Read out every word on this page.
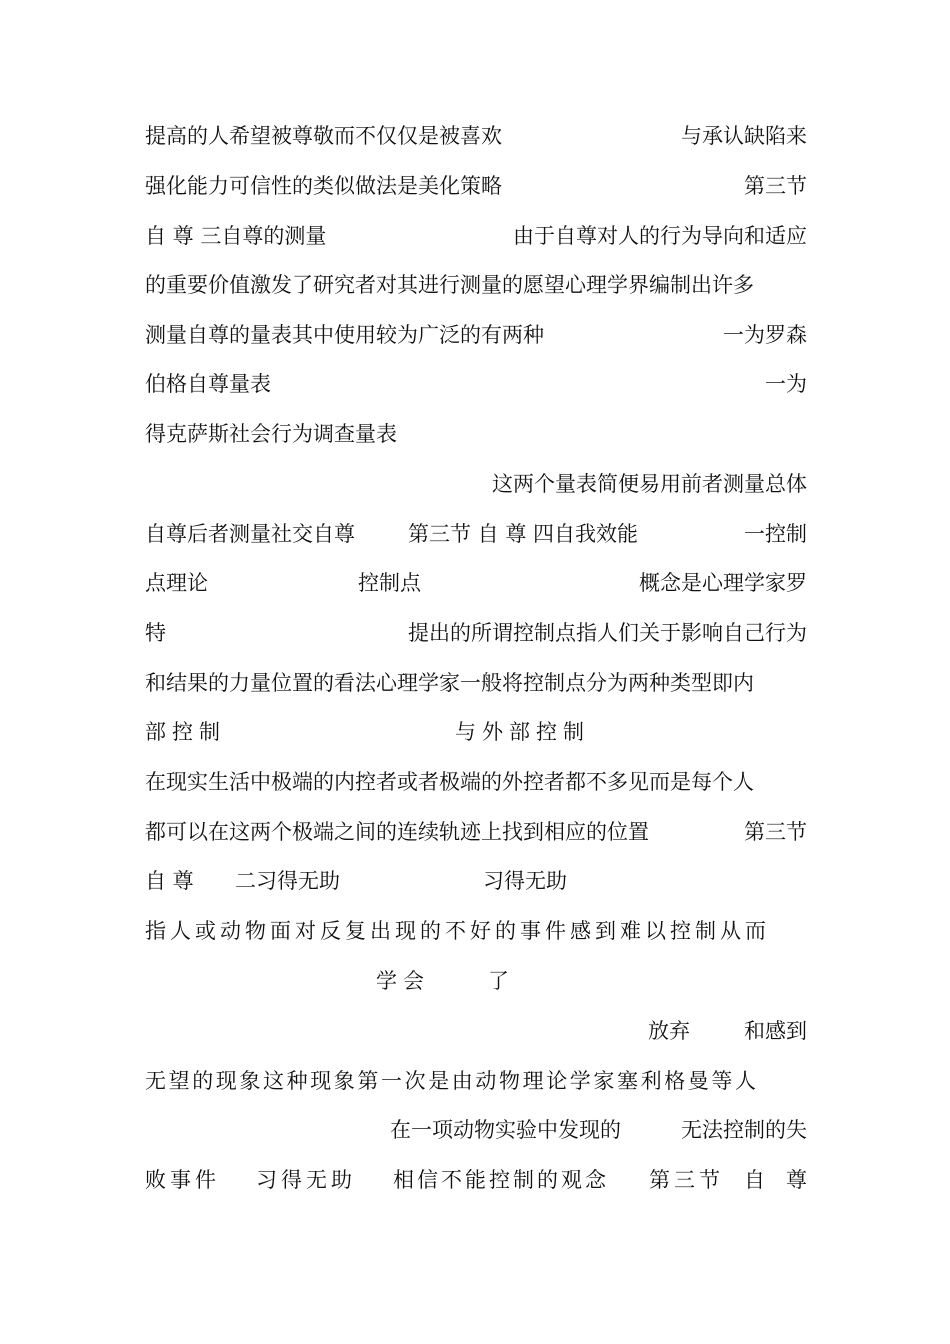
提高的人希望被尊敬而不仅仅是被喜欢	与承认缺陷来
强化能力可信性的类似做法是美化策略	第三节
自 尊 三自尊的测量	由于自尊对人的行为导向和适应
的重要价值激发了研究者对其进行测量的愿望心理学界编制出许多
测量自尊的量表其中使用较为广泛的有两种	一为罗森
伯格自尊量表	一为
得克萨斯社会行为调查量表
这两个量表简便易用前者测量总体
自尊后者测量社交自尊	第三节 自 尊 四自我效能	一控制
点理论	控制点	概念是心理学家罗
特	提出的所谓控制点指人们关于影响自己行为
和结果的力量位置的看法心理学家一般将控制点分为两种类型即内
部控制	与外部控制
在现实生活中极端的内控者或者极端的外控者都不多见而是每个人
都可以在这两个极端之间的连续轨迹上找到相应的位置	第三节
自 尊 二习得无助	习得无助
指人或动物面对反复出现的不好的事件感到难以控制从而
学会	了
放弃	和感到
无望的现象这种现象第一次是由动物理论学家塞利格曼等人
在一项动物实验中发现的	无法控制的失
败事件 习得无助 相信不能控制的观念 第三节 自 尊
